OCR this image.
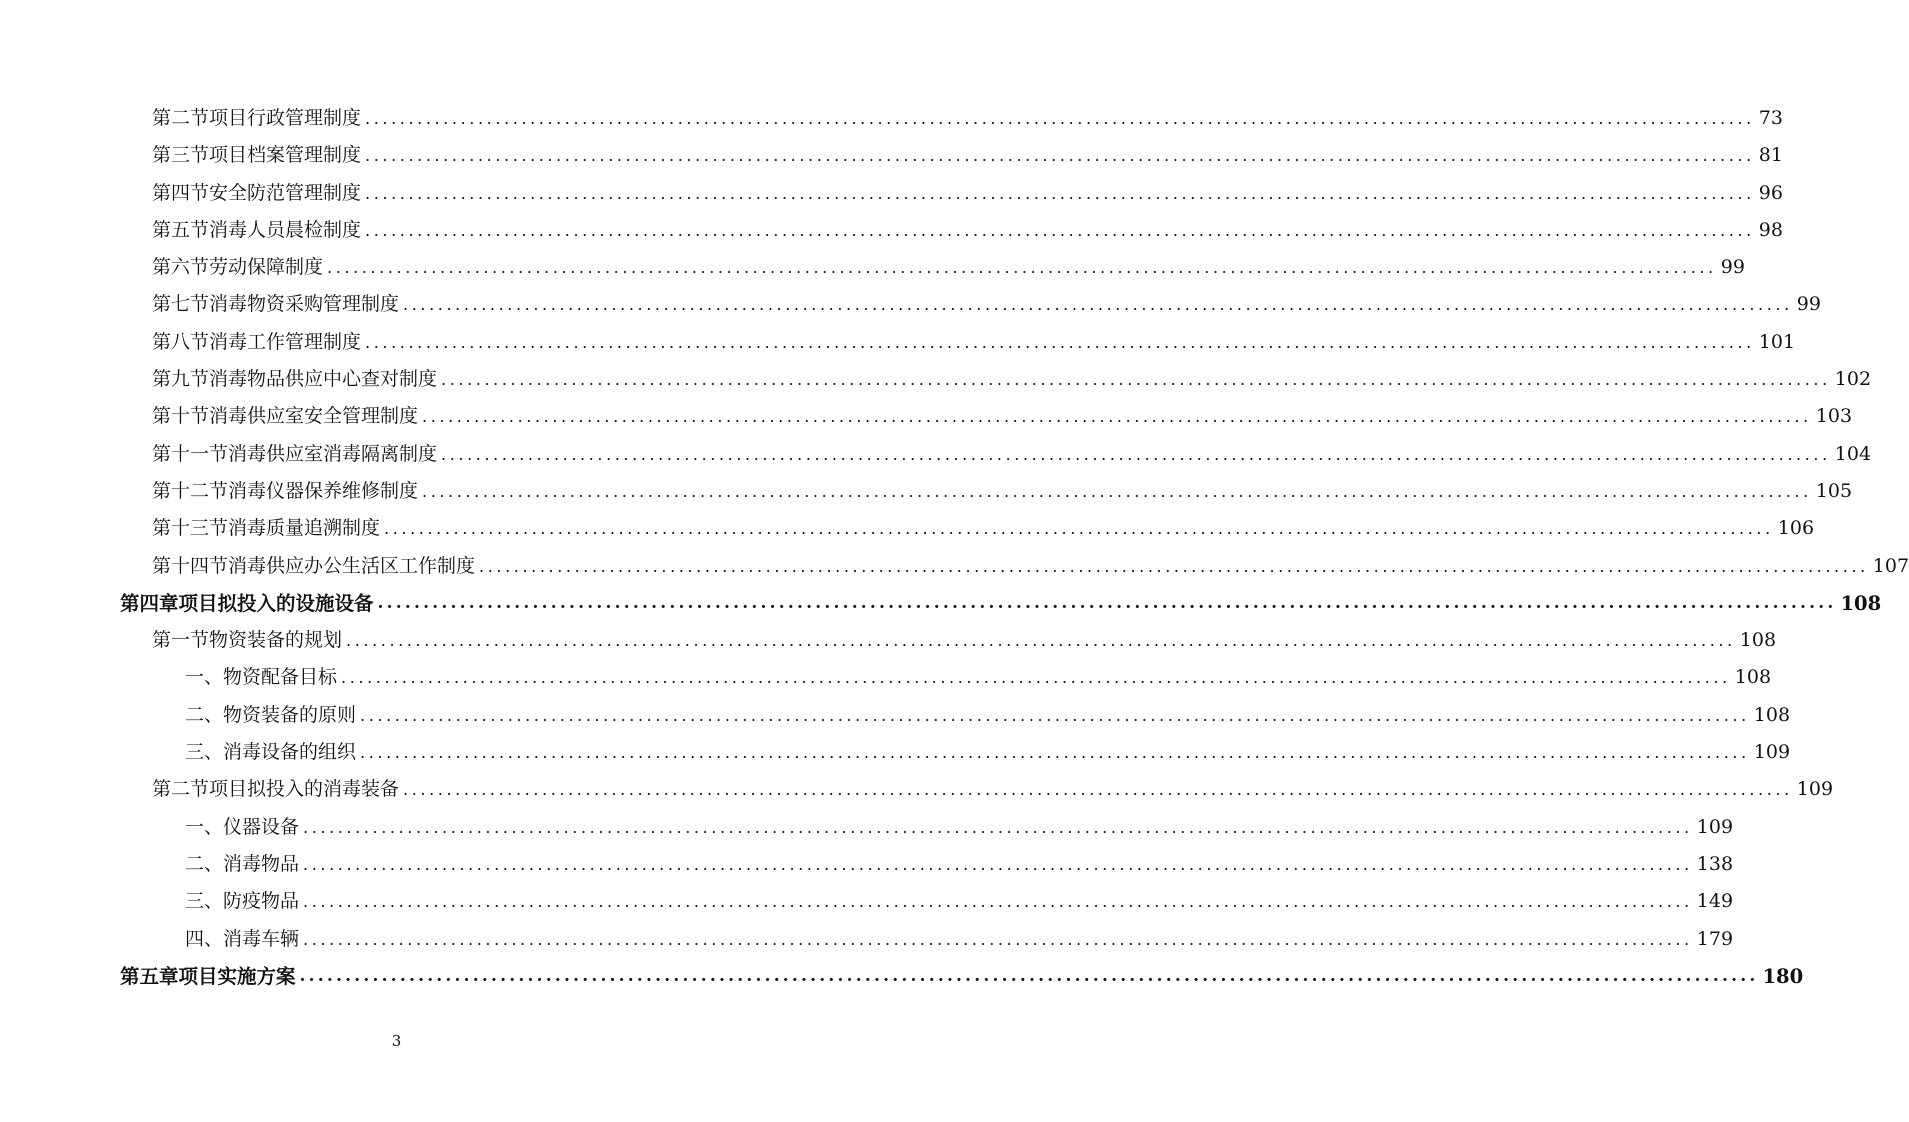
第二节 项目行政管理制度 ................................................................................................................................................................ 73
第三节 项目档案管理制度 ................................................................................................................................................................ 81
第四节 安全防范管理制度 ................................................................................................................................................................ 96
第五节 消毒人员晨检制度 ................................................................................................................................................................ 98
第六节 劳动保障制度 ................................................................................................................................................................ 99
第七节 消毒物资采购管理制度 ................................................................................................................................................................ 99
第八节 消毒工作管理制度 ................................................................................................................................................................ 101
第九节 消毒物品供应中心查对制度 ................................................................................................................................................................ 102
第十节 消毒供应室安全管理制度 ................................................................................................................................................................ 103
第十一节 消毒供应室消毒隔离制度 ................................................................................................................................................................ 104
第十二节 消毒仪器保养维修制度 ................................................................................................................................................................ 105
第十三节 消毒质量追溯制度 ................................................................................................................................................................ 106
第十四节 消毒供应办公生活区工作制度 ................................................................................................................................................................ 107
第四章 项目拟投入的设施设备 ................................................................................................................................................................ 108
第一节 物资装备的规划 ................................................................................................................................................................ 108
一、 物资配备目标 ................................................................................................................................................................ 108
二、 物资装备的原则 ................................................................................................................................................................ 108
三、 消毒设备的组织 ................................................................................................................................................................ 109
第二节 项目拟投入的消毒装备 ................................................................................................................................................................ 109
一、 仪器设备 ................................................................................................................................................................ 109
二、 消毒物品 ................................................................................................................................................................ 138
三、 防疫物品 ................................................................................................................................................................ 149
四、 消毒车辆 ................................................................................................................................................................ 179
第五章 项目实施方案 ................................................................................................................................................................ 180
3
